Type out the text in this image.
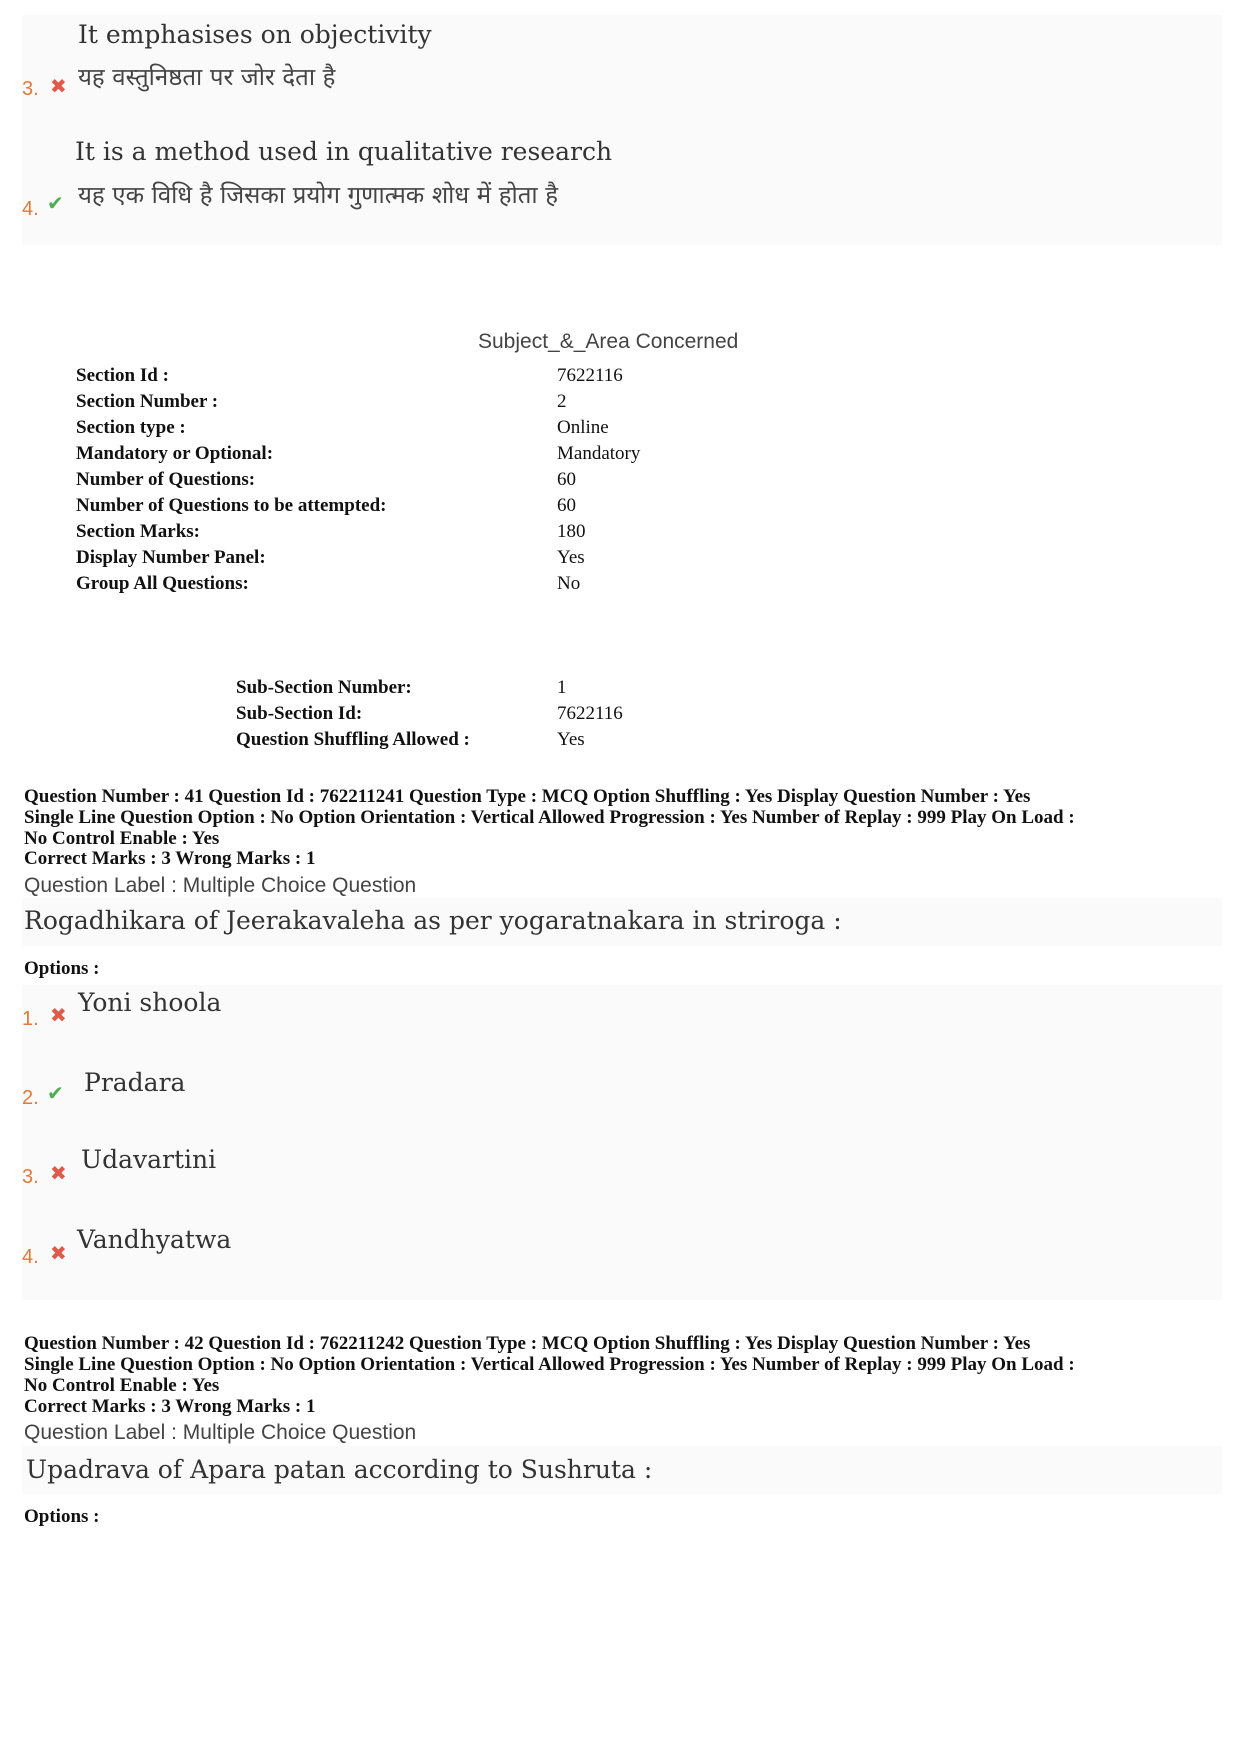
It emphasises on objectivity
3. ✖ यह वस्तुनिष्ठता पर जोर देता है
It is a method used in qualitative research
4. ✔ यह एक विधि है जिसका प्रयोग गुणात्मक शोध में होता है
Subject_&_Area Concerned
Section Id :	7622116
Section Number :	2
Section type :	Online
Mandatory or Optional:	Mandatory
Number of Questions:	60
Number of Questions to be attempted:	60
Section Marks:	180
Display Number Panel:	Yes
Group All Questions:	No
Sub-Section Number:	1
Sub-Section Id:	7622116
Question Shuffling Allowed :	Yes
Question Number : 41 Question Id : 762211241 Question Type : MCQ Option Shuffling : Yes Display Question Number : Yes
Single Line Question Option : No Option Orientation : Vertical Allowed Progression : Yes Number of Replay : 999 Play On Load :
No Control Enable : Yes
Correct Marks : 3 Wrong Marks : 1
Question Label : Multiple Choice Question
Rogadhikara of Jeerakavaleha as per yogaratnakara in striroga :
Options :
Yoni shoola
1. ✖
Pradara
2. ✔
Udavartini
3. ✖
Vandhyatwa
4. ✖
Question Number : 42 Question Id : 762211242 Question Type : MCQ Option Shuffling : Yes Display Question Number : Yes
Single Line Question Option : No Option Orientation : Vertical Allowed Progression : Yes Number of Replay : 999 Play On Load :
No Control Enable : Yes
Correct Marks : 3 Wrong Marks : 1
Question Label : Multiple Choice Question
Upadrava of Apara patan according to Sushruta :
Options :
